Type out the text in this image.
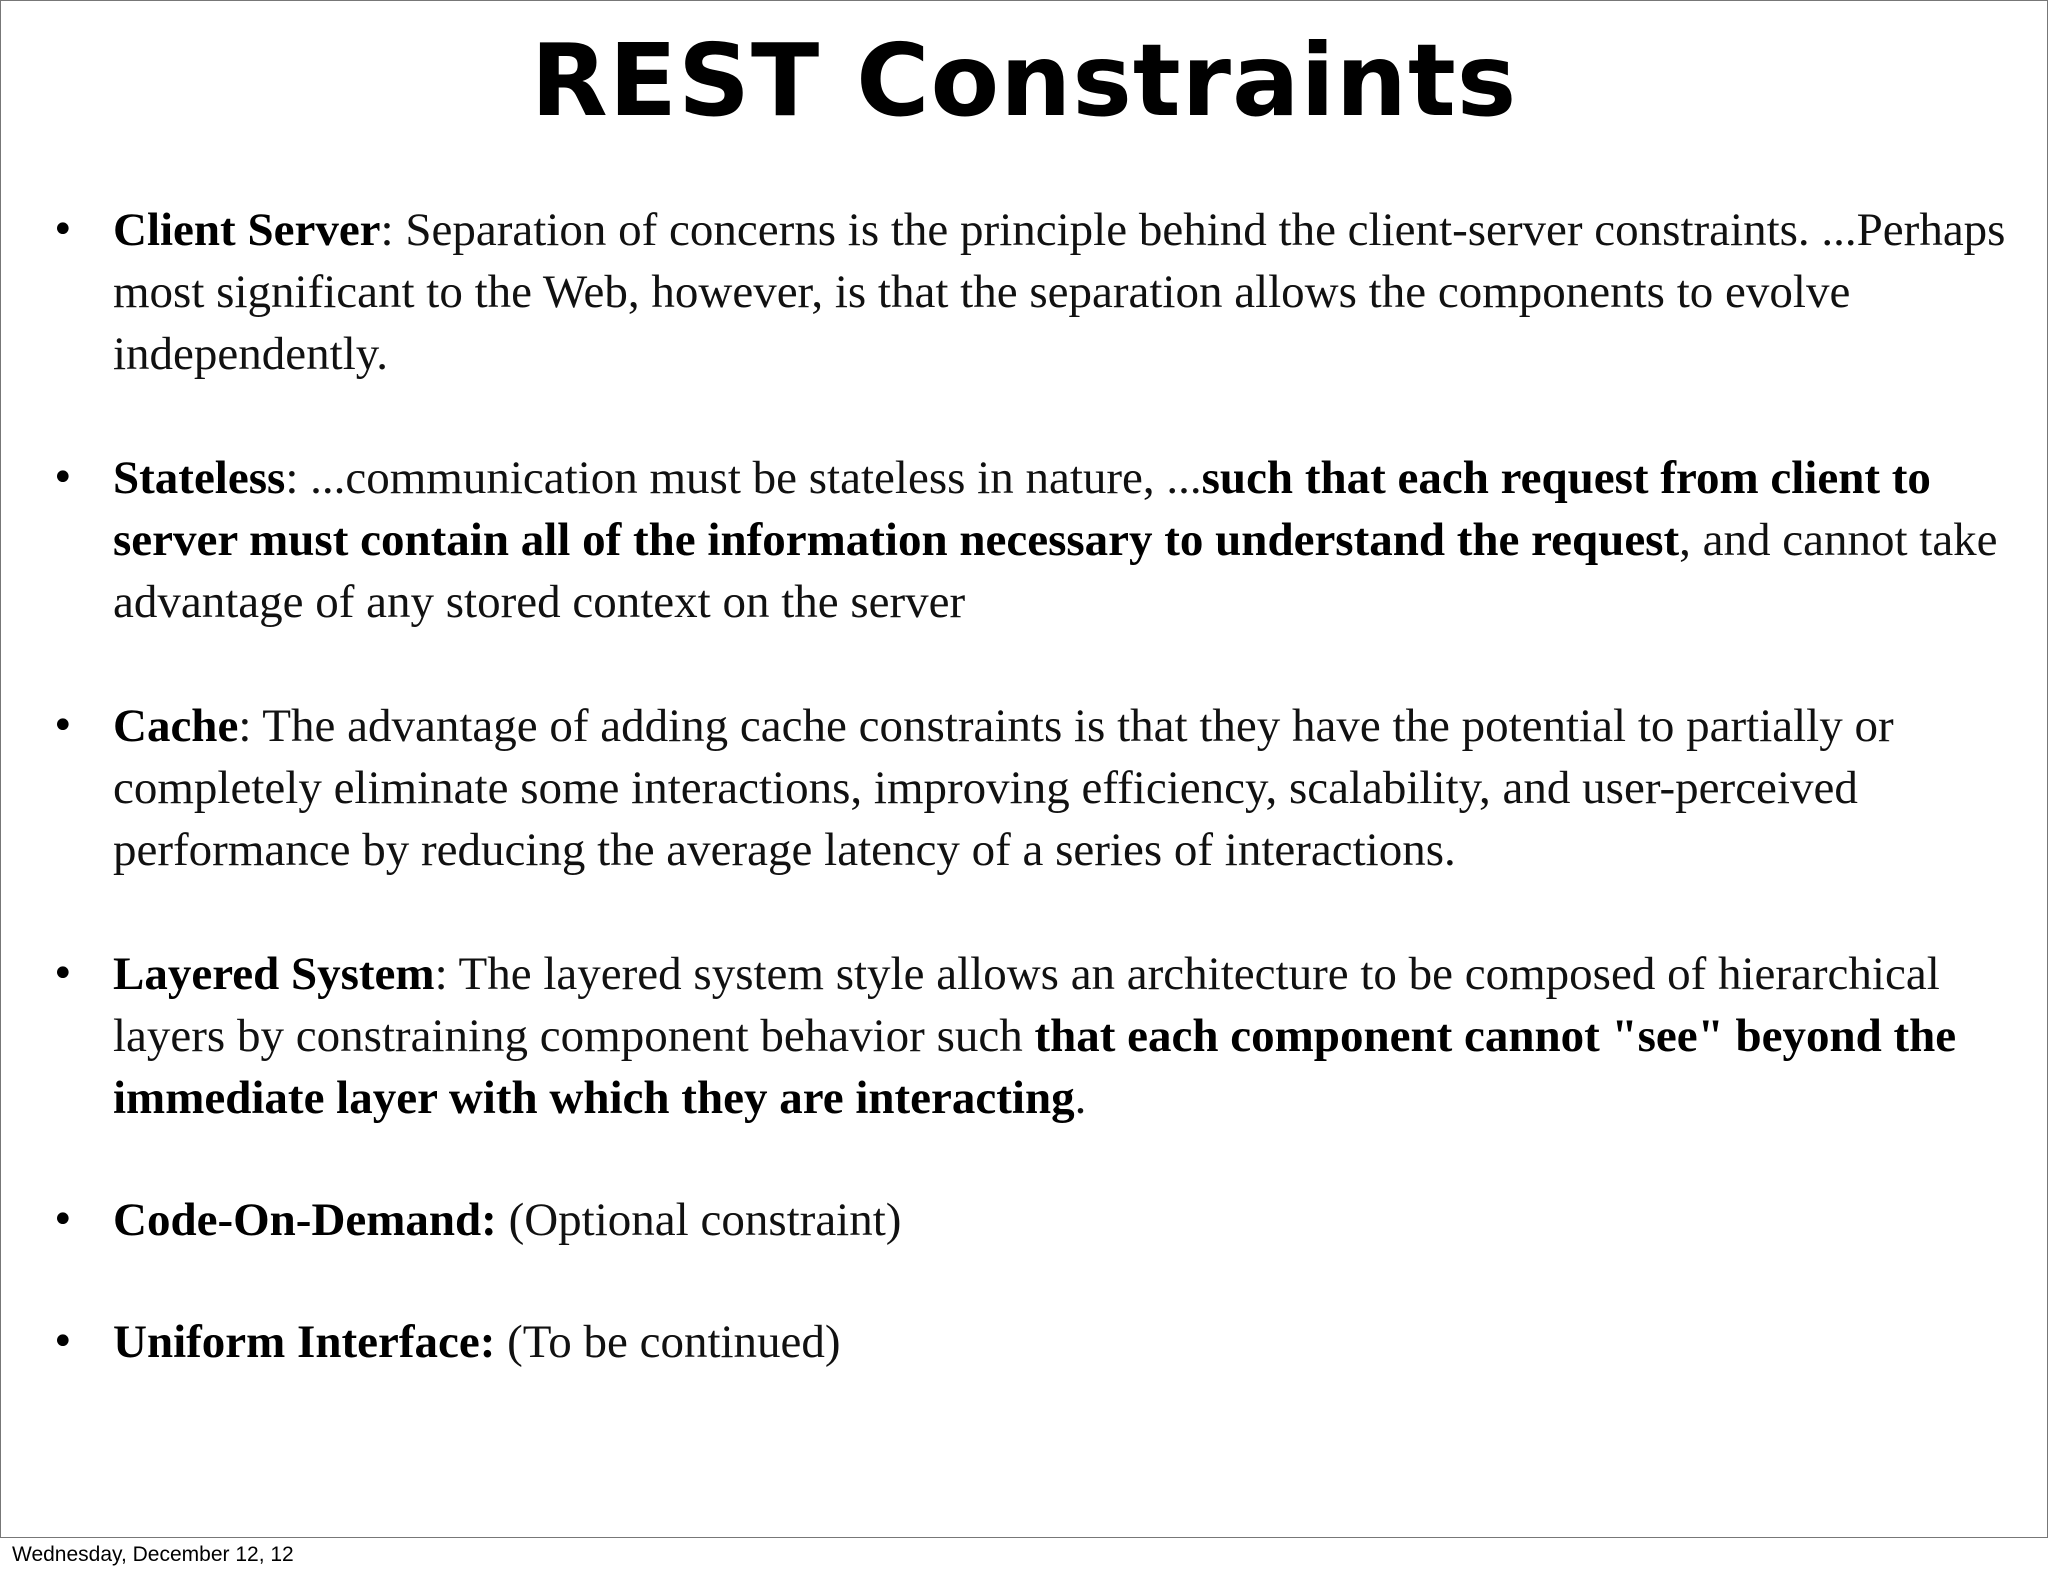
REST Constraints
• Client Server: Separation of concerns is the principle behind the client-server constraints. ...Perhaps most significant to the Web, however, is that the separation allows the components to evolve independently.
• Stateless: ...communication must be stateless in nature, ...such that each request from client to server must contain all of the information necessary to understand the request, and cannot take advantage of any stored context on the server
• Cache: The advantage of adding cache constraints is that they have the potential to partially or completely eliminate some interactions, improving efficiency, scalability, and user-perceived performance by reducing the average latency of a series of interactions.
• Layered System: The layered system style allows an architecture to be composed of hierarchical layers by constraining component behavior such that each component cannot "see" beyond the immediate layer with which they are interacting.
• Code-On-Demand: (Optional constraint)
• Uniform Interface: (To be continued)
Wednesday, December 12, 12
